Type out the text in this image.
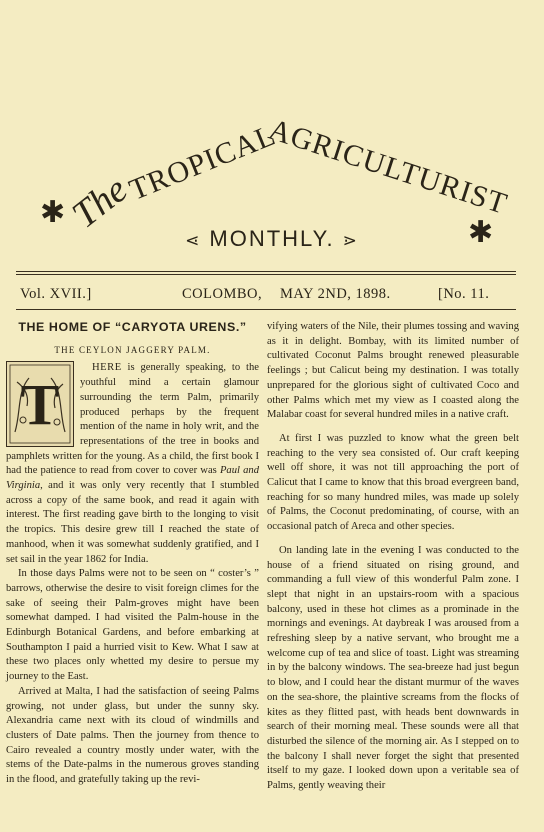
✱
✱
The
TROPICAL
AGRICULTURIST
⋖ MONTHLY. ⋗
Vol. XVII.]	COLOMBO, MAY 2ND, 1898.	[No. 11.
THE HOME OF “CARYOTA URENS.”
THE CEYLON JAGGERY PALM.
T

HERE is generally speaking, to the youthful mind a certain glamour surrounding the term Palm, primarily produced perhaps by the frequent mention of the name in holy writ, and the representations of the tree in books and pamphlets written for the young. As a child, the first book I had the patience to read from cover to cover was Paul and Virginia, and it was only very recently that I stumbled across a copy of the same book, and read it again with interest. The first reading gave birth to the longing to visit the tropics. This desire grew till I reached the state of manhood, when it was somewhat suddenly gratified, and I set sail in the year 1862 for India.

In those days Palms were not to be seen on “ coster’s ” barrows, otherwise the desire to visit foreign climes for the sake of seeing their Palm-groves might have been somewhat damped. I had visited the Palm-house in the Edinburgh Botanical Gardens, and before embarking at Southampton I paid a hurried visit to Kew. What I saw at these two places only whetted my desire to persue my journey to the East.

Arrived at Malta, I had the satisfaction of seeing Palms growing, not under glass, but under the sunny sky. Alexandria came next with its cloud of windmills and clusters of Date palms. Then the journey from thence to Cairo revealed a country mostly under water, with the stems of the Date-palms in the numerous groves standing in the flood, and gratefully taking up the revi-

vifying waters of the Nile, their plumes tossing and waving as it in delight. Bombay, with its limited number of cultivated Coconut Palms brought renewed pleasurable feelings ; but Calicut being my destination. I was totally unprepared for the glorious sight of cultivated Coco and other Palms which met my view as I coasted along the Malabar coast for several hundred miles in a native craft.

At first I was puzzled to know what the green belt reaching to the very sea consisted of. Our craft keeping well off shore, it was not till approaching the port of Calicut that I came to know that this broad evergreen band, reaching for so many hundred miles, was made up solely of Palms, the Coconut predominating, of course, with an occasional patch of Areca and other species.

On landing late in the evening I was conducted to the house of a friend situated on rising ground, and commanding a full view of this wonderful Palm zone. I slept that night in an upstairs-room with a spacious balcony, used in these hot climes as a prominade in the mornings and evenings. At daybreak I was aroused from a refreshing sleep by a native servant, who brought me a welcome cup of tea and slice of toast. Light was streaming in by the balcony windows. The sea-breeze had just begun to blow, and I could hear the distant murmur of the waves on the sea-shore, the plaintive screams from the flocks of kites as they flitted past, with heads bent downwards in search of their morning meal. These sounds were all that disturbed the silence of the morning air. As I stepped on to the balcony I shall never forget the sight that presented itself to my gaze. I looked down upon a veritable sea of Palms, gently weaving their
